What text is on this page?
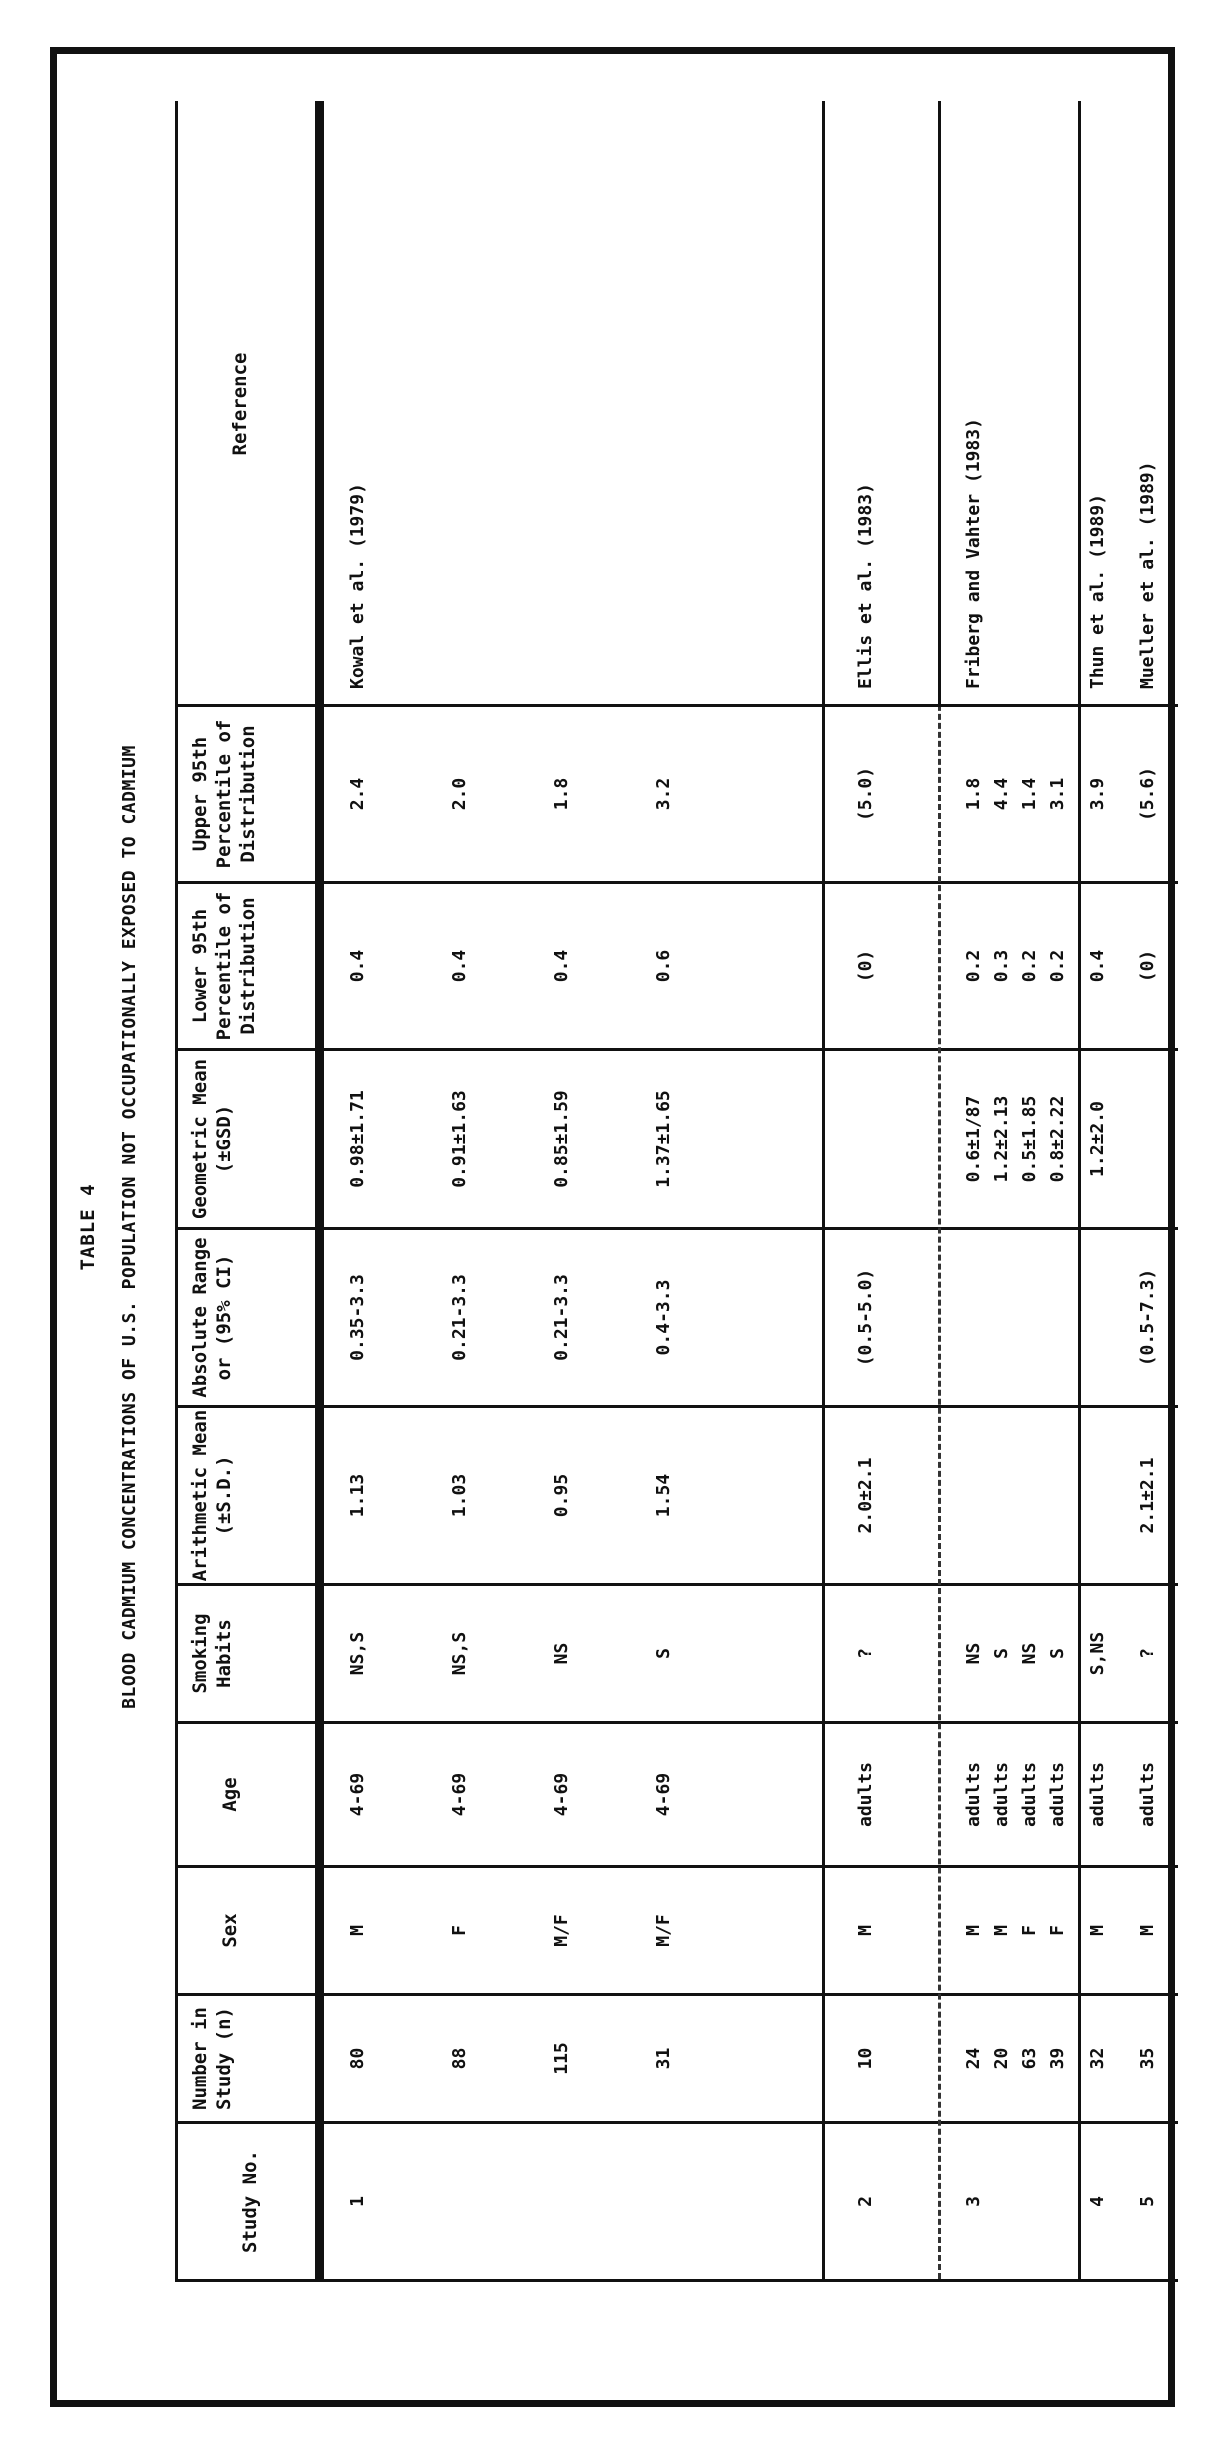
TABLE 4 BLOOD CADMIUM CONCENTRATIONS OF U.S. POPULATION NOT OCCUPATIONALLY EXPOSED TO CADMIUM
Study No.
Number in Study (n)
Sex
Age
Smoking Habits
Arithmetic Mean (±S.D.)
Absolute Range or (95% CI)
Geometric Mean (±GSD)
Lower 95th Percentile of Distribution
Upper 95th Percentile of Distribution
Reference
1
80
M
4-69
NS,S
1.13
0.35-3.3
0.98±1.71
0.4
2.4
Kowal et al. (1979)
88
F
4-69
NS,S
1.03
0.21-3.3
0.91±1.63
0.4
2.0
115
M/F
4-69
NS
0.95
0.21-3.3
0.85±1.59
0.4
1.8
31
M/F
4-69
S
1.54
0.4-3.3
1.37±1.65
0.6
3.2
2
10
M
adults
?
2.0±2.1
(0.5-5.0)
(0)
(5.0)
Ellis et al. (1983)
3
24
M
adults
NS
0.6±1/87
0.2
1.8
Friberg and Vahter (1983)
20
M
adults
S
1.2±2.13
0.3
4.4
63
F
adults
NS
0.5±1.85
0.2
1.4
39
F
adults
S
0.8±2.22
0.2
3.1
4
32
M
adults
S,NS
1.2±2.0
0.4
3.9
Thun et al. (1989)
5
35
M
adults
?
2.1±2.1
(0.5-7.3)
(0)
(5.6)
Mueller et al. (1989)
